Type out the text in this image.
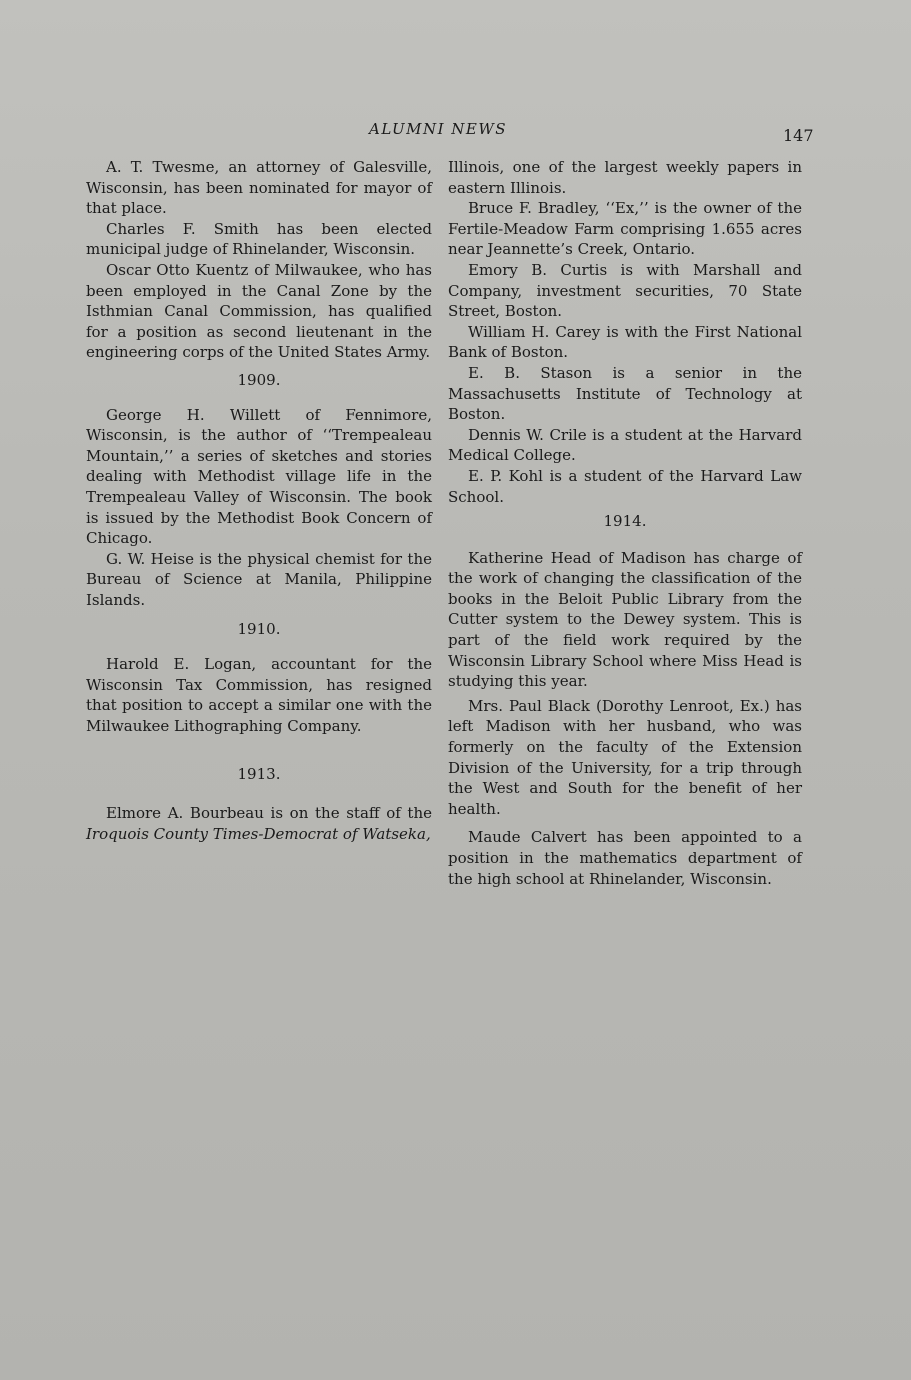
ALUMNI NEWS	147

A. T. Twesme, an attorney of Galesville, Wisconsin, has been nominated for mayor of that place.

Charles F. Smith has been elected municipal judge of Rhinelander, Wisconsin.

Oscar Otto Kuentz of Milwaukee, who has been employed in the Canal Zone by the Isthmian Canal Commission, has qualified for a position as second lieutenant in the engineering corps of the United States Army.

1909.

George H. Willett of Fennimore, Wisconsin, is the author of ‘‘Trempealeau Mountain,’’ a series of sketches and stories dealing with Methodist village life in the Trempealeau Valley of Wisconsin. The book is issued by the Methodist Book Concern of Chicago.

G. W. Heise is the physical chemist for the Bureau of Science at Manila, Philippine Islands.

1910.

Harold E. Logan, accountant for the Wisconsin Tax Commission, has resigned that position to accept a similar one with the Milwaukee Lithographing Company.

1913.

Elmore A. Bourbeau is on the staff of the Iroquois County Times-Democrat of Watseka,

Illinois, one of the largest weekly papers in eastern Illinois.

Bruce F. Bradley, ‘‘Ex,’’ is the owner of the Fertile-Meadow Farm comprising 1.655 acres near Jeannette’s Creek, Ontario.

Emory B. Curtis is with Marshall and Company, investment securities, 70 State Street, Boston.

William H. Carey is with the First National Bank of Boston.

E. B. Stason is a senior in the Massachusetts Institute of Technology at Boston.

Dennis W. Crile is a student at the Harvard Medical College.

E. P. Kohl is a student of the Harvard Law School.

1914.

Katherine Head of Madison has charge of the work of changing the classification of the books in the Beloit Public Library from the Cutter system to the Dewey system. This is part of the field work required by the Wisconsin Library School where Miss Head is studying this year.

Mrs. Paul Black (Dorothy Lenroot, Ex.) has left Madison with her husband, who was formerly on the faculty of the Extension Division of the University, for a trip through the West and South for the benefit of her health.

Maude Calvert has been appointed to a position in the mathematics department of the high school at Rhinelander, Wisconsin.
